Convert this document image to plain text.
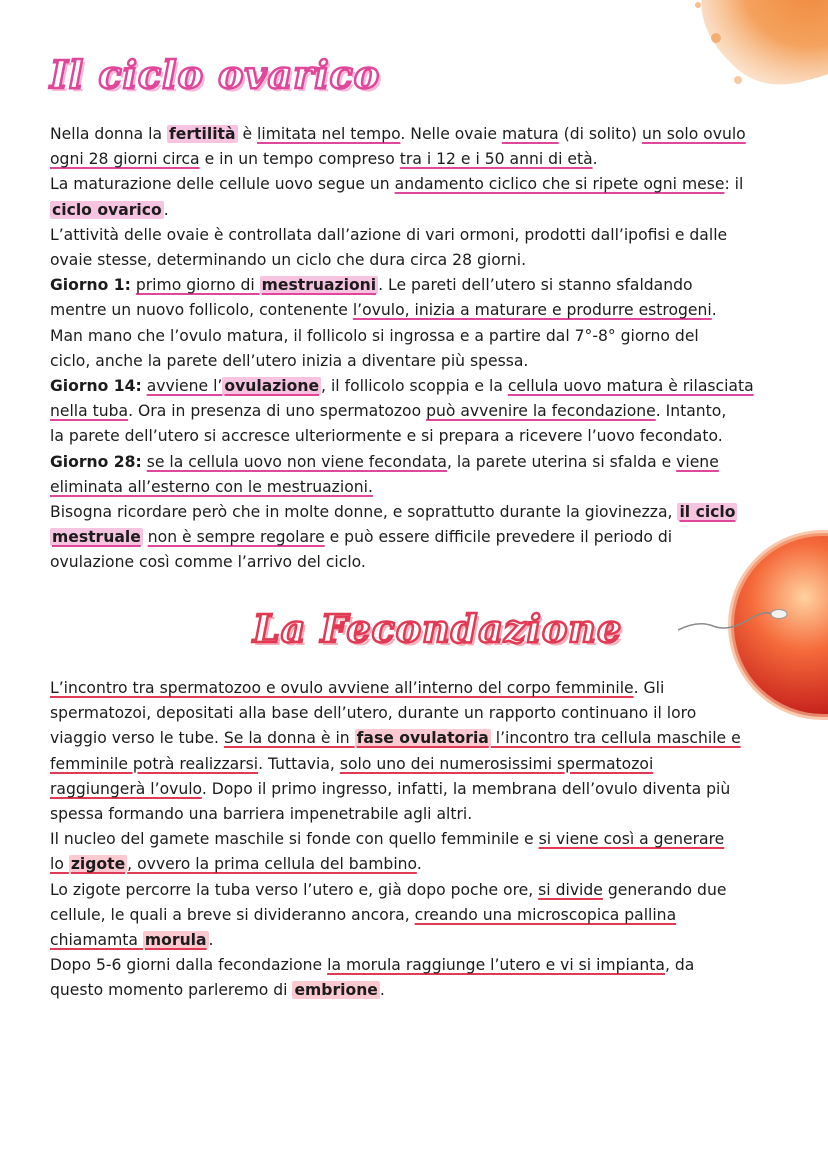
Il ciclo ovarico
Nella donna la fertilità è limitata nel tempo. Nelle ovaie matura (di solito) un solo ovulo
ogni 28 giorni circa e in un tempo compreso tra i 12 e i 50 anni di età.
La maturazione delle cellule uovo segue un andamento ciclico che si ripete ogni mese: il
ciclo ovarico .
L’attività delle ovaie è controllata dall’azione di vari ormoni, prodotti dall’ipofisi e dalle
ovaie stesse, determinando un ciclo che dura circa 28 giorni.
Giorno 1: primo giorno di mestruazioni . Le pareti dell’utero si stanno sfaldando
mentre un nuovo follicolo, contenente l’ovulo, inizia a maturare e produrre estrogeni.
Man mano che l’ovulo matura, il follicolo si ingrossa e a partire dal 7°-8° giorno del
ciclo, anche la parete dell’utero inizia a diventare più spessa.
Giorno 14: avviene l’ ovulazione , il follicolo scoppia e la cellula uovo matura è rilasciata
nella tuba. Ora in presenza di uno spermatozoo può avvenire la fecondazione. Intanto,
la parete dell’utero si accresce ulteriormente e si prepara a ricevere l’uovo fecondato.
Giorno 28: se la cellula uovo non viene fecondata, la parete uterina si sfalda e viene
eliminata all’esterno con le mestruazioni.
Bisogna ricordare però che in molte donne, e soprattutto durante la giovinezza, il ciclo
mestruale non è sempre regolare e può essere difficile prevedere il periodo di
ovulazione così comme l’arrivo del ciclo.
La Fecondazione
L’incontro tra spermatozoo e ovulo avviene all’interno del corpo femminile. Gli
spermatozoi, depositati alla base dell’utero, durante un rapporto continuano il loro
viaggio verso le tube. Se la donna è in fase ovulatoria l’incontro tra cellula maschile e
femminile potrà realizzarsi. Tuttavia, solo uno dei numerosissimi spermatozoi
raggiungerà l’ovulo. Dopo il primo ingresso, infatti, la membrana dell’ovulo diventa più
spessa formando una barriera impenetrabile agli altri.
Il nucleo del gamete maschile si fonde con quello femminile e si viene così a generare
lo zigote , ovvero la prima cellula del bambino.
Lo zigote percorre la tuba verso l’utero e, già dopo poche ore, si divide generando due
cellule, le quali a breve si divideranno ancora, creando una microscopica pallina
chiamamta morula .
Dopo 5-6 giorni dalla fecondazione la morula raggiunge l’utero e vi si impianta, da
questo momento parleremo di embrione .
